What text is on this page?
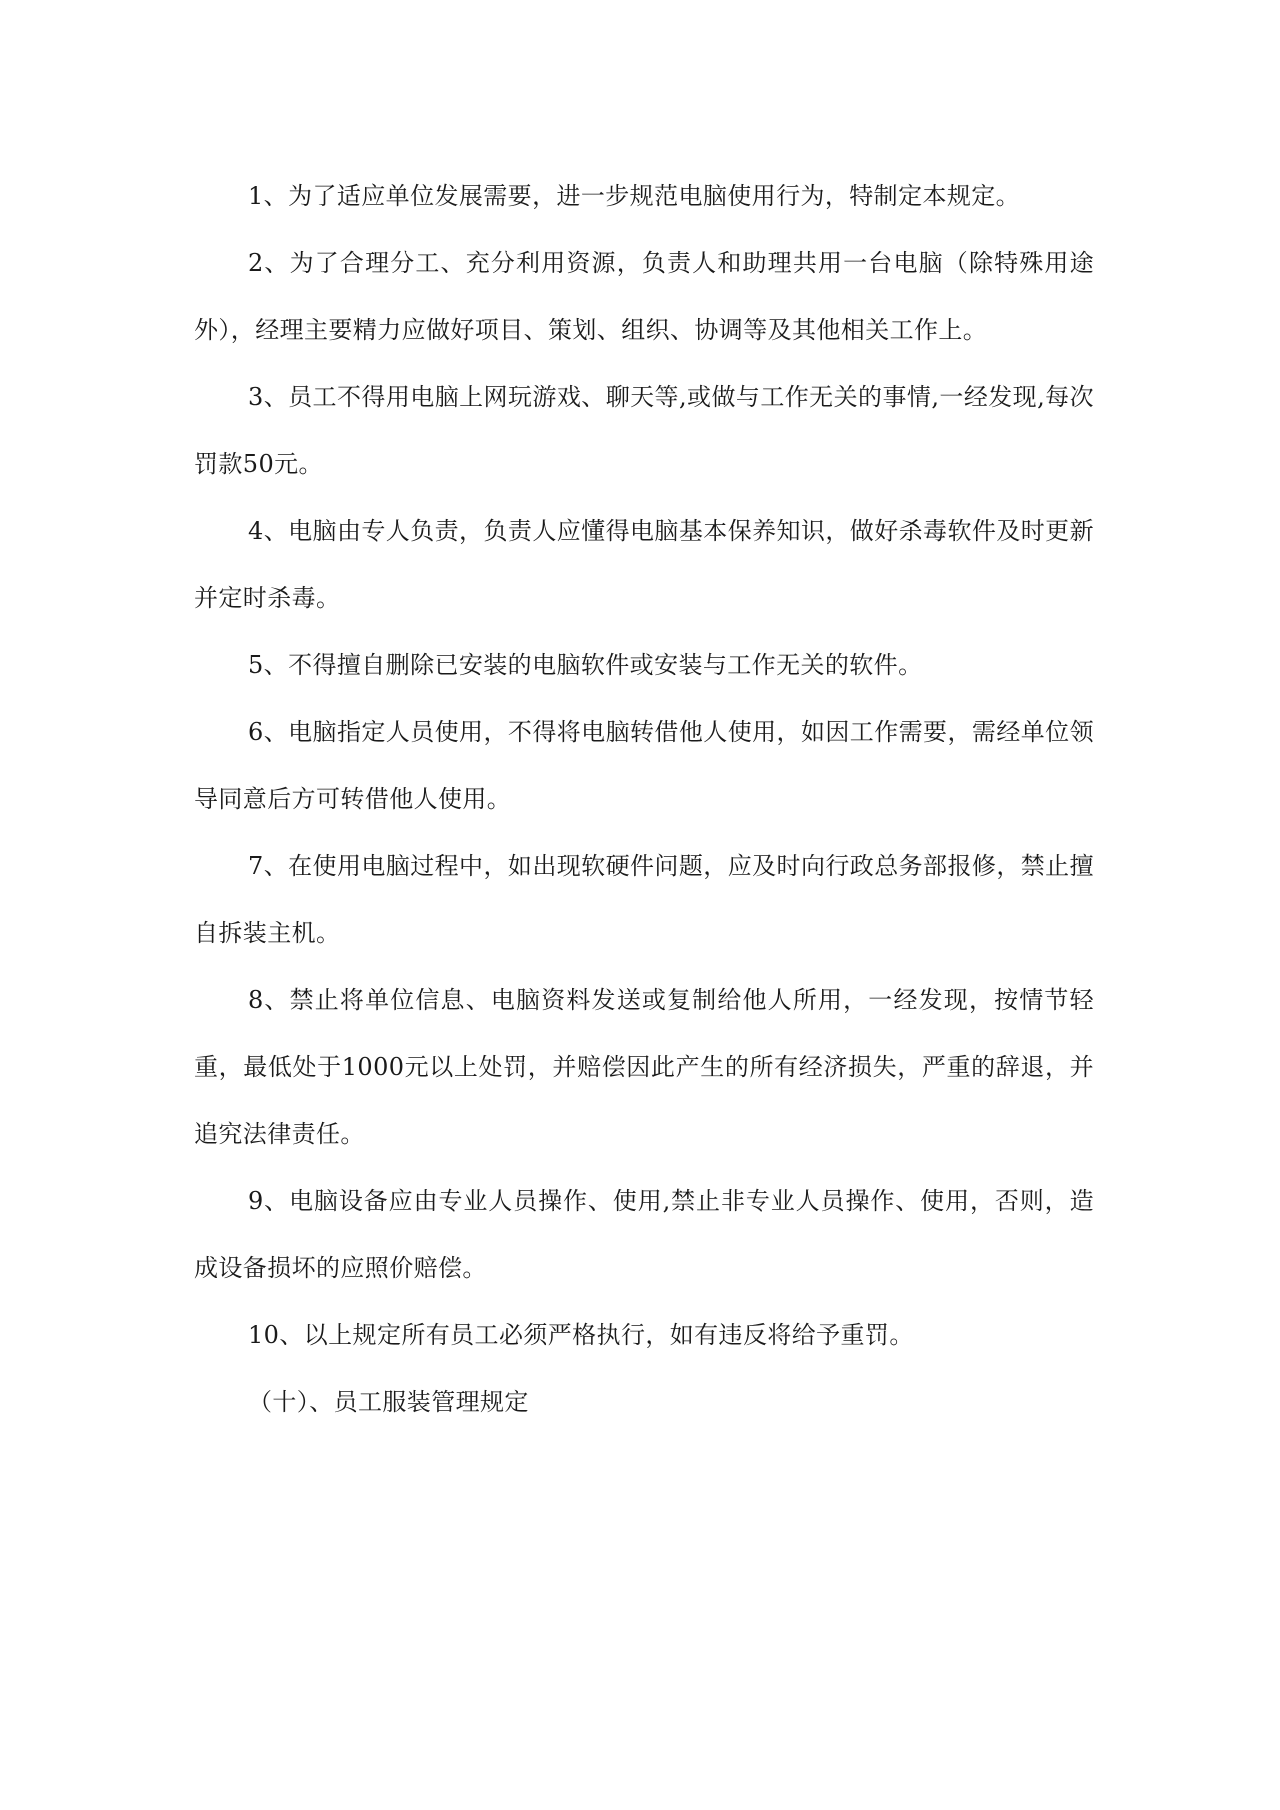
1、为了适应单位发展需要，进一步规范电脑使用行为，特制定本规定。

2、为了合理分工、充分利用资源，负责人和助理共用一台电脑（除特殊用途外），经理主要精力应做好项目、策划、组织、协调等及其他相关工作上。

3、员工不得用电脑上网玩游戏、聊天等,或做与工作无关的事情,一经发现,每次罚款50元。

4、电脑由专人负责，负责人应懂得电脑基本保养知识，做好杀毒软件及时更新并定时杀毒。

5、不得擅自删除已安装的电脑软件或安装与工作无关的软件。

6、电脑指定人员使用，不得将电脑转借他人使用，如因工作需要，需经单位领导同意后方可转借他人使用。

7、在使用电脑过程中，如出现软硬件问题，应及时向行政总务部报修，禁止擅自拆装主机。

8、禁止将单位信息、电脑资料发送或复制给他人所用，一经发现，按情节轻重，最低处于1000元以上处罚，并赔偿因此产生的所有经济损失，严重的辞退，并追究法律责任。

9、电脑设备应由专业人员操作、使用,禁止非专业人员操作、使用，否则，造成设备损坏的应照价赔偿。

10、以上规定所有员工必须严格执行，如有违反将给予重罚。

（十）、员工服装管理规定
